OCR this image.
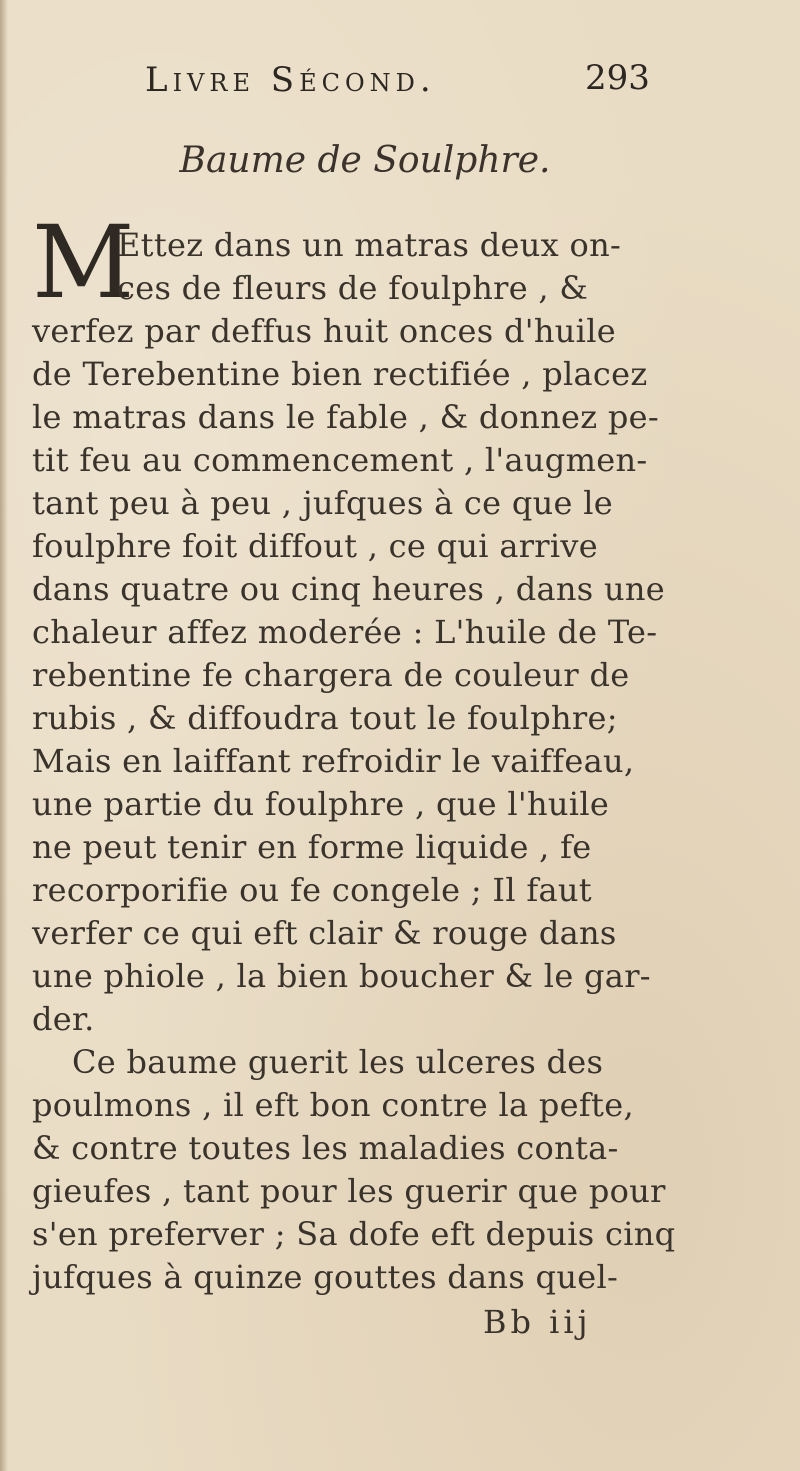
Livre Sécond.	293
Baume de Soulphre.
M
Ettez dans un matras deux on-
ces de fleurs de foulphre , &
verfez par deffus huit onces d'huile
de Terebentine bien rectifiée , placez
le matras dans le fable , & donnez pe-
tit feu au commencement , l'augmen-
tant peu à peu , jufques à ce que le
foulphre foit diffout , ce qui arrive
dans quatre ou cinq heures , dans une
chaleur affez moderée : L'huile de Te-
rebentine fe chargera de couleur de
rubis , & diffoudra tout le foulphre;
Mais en laiffant refroidir le vaiffeau,
une partie du foulphre , que l'huile
ne peut tenir en forme liquide , fe
recorporifie ou fe congele ; Il faut
verfer ce qui eft clair & rouge dans
une phiole , la bien boucher & le gar-
der.
Ce baume guerit les ulceres des
poulmons , il eft bon contre la pefte,
& contre toutes les maladies conta-
gieufes , tant pour les guerir que pour
s'en preferver ; Sa dofe eft depuis cinq
jufques à quinze gouttes dans quel-
Bb iij
